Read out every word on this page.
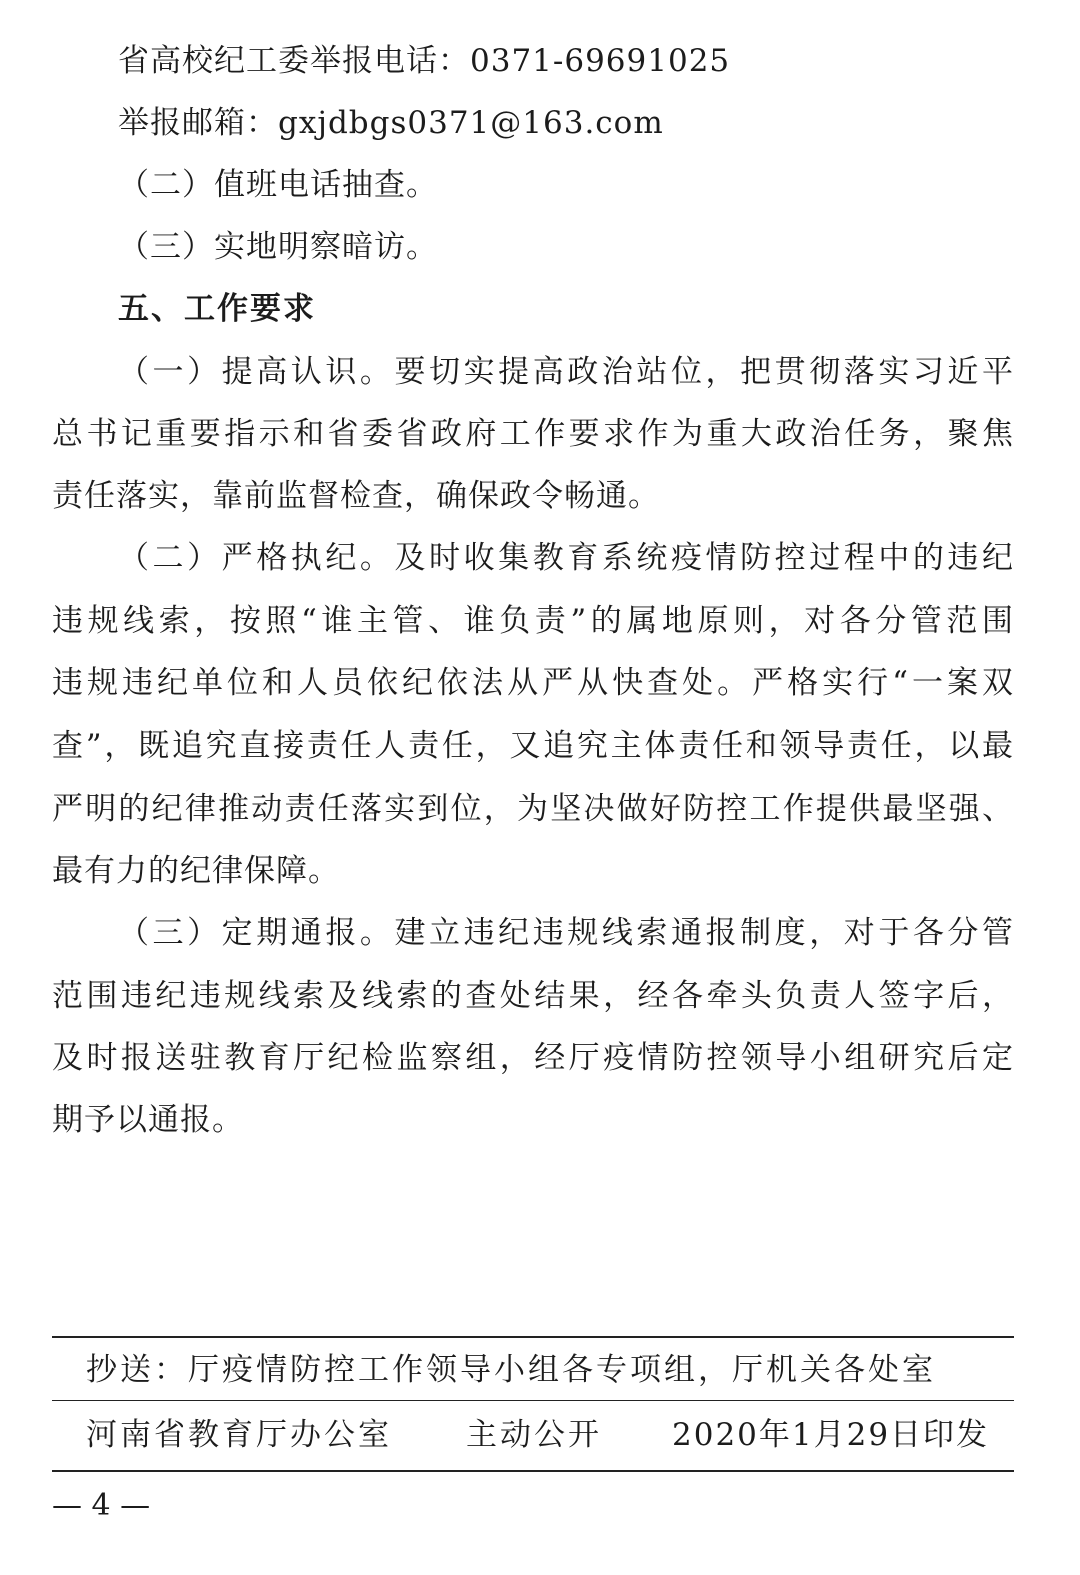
省高校纪工委举报电话：0371-69691025
举报邮箱：gxjdbgs0371@163.com
（二）值班电话抽查。
（三）实地明察暗访。
五、工作要求
（一）提高认识。要切实提高政治站位，把贯彻落实习近平
总书记重要指示和省委省政府工作要求作为重大政治任务，聚焦
责任落实，靠前监督检查，确保政令畅通。
（二）严格执纪。及时收集教育系统疫情防控过程中的违纪
违规线索，按照“谁主管、谁负责”的属地原则，对各分管范围
违规违纪单位和人员依纪依法从严从快查处。严格实行“一案双
查”，既追究直接责任人责任，又追究主体责任和领导责任，以最
严明的纪律推动责任落实到位，为坚决做好防控工作提供最坚强、
最有力的纪律保障。
（三）定期通报。建立违纪违规线索通报制度，对于各分管
范围违纪违规线索及线索的查处结果，经各牵头负责人签字后，
及时报送驻教育厅纪检监察组，经厅疫情防控领导小组研究后定
期予以通报。
抄送：厅疫情防控工作领导小组各专项组，厅机关各处室
河南省教育厅办公室 主动公开 2020年1月29日印发
— 4 —
